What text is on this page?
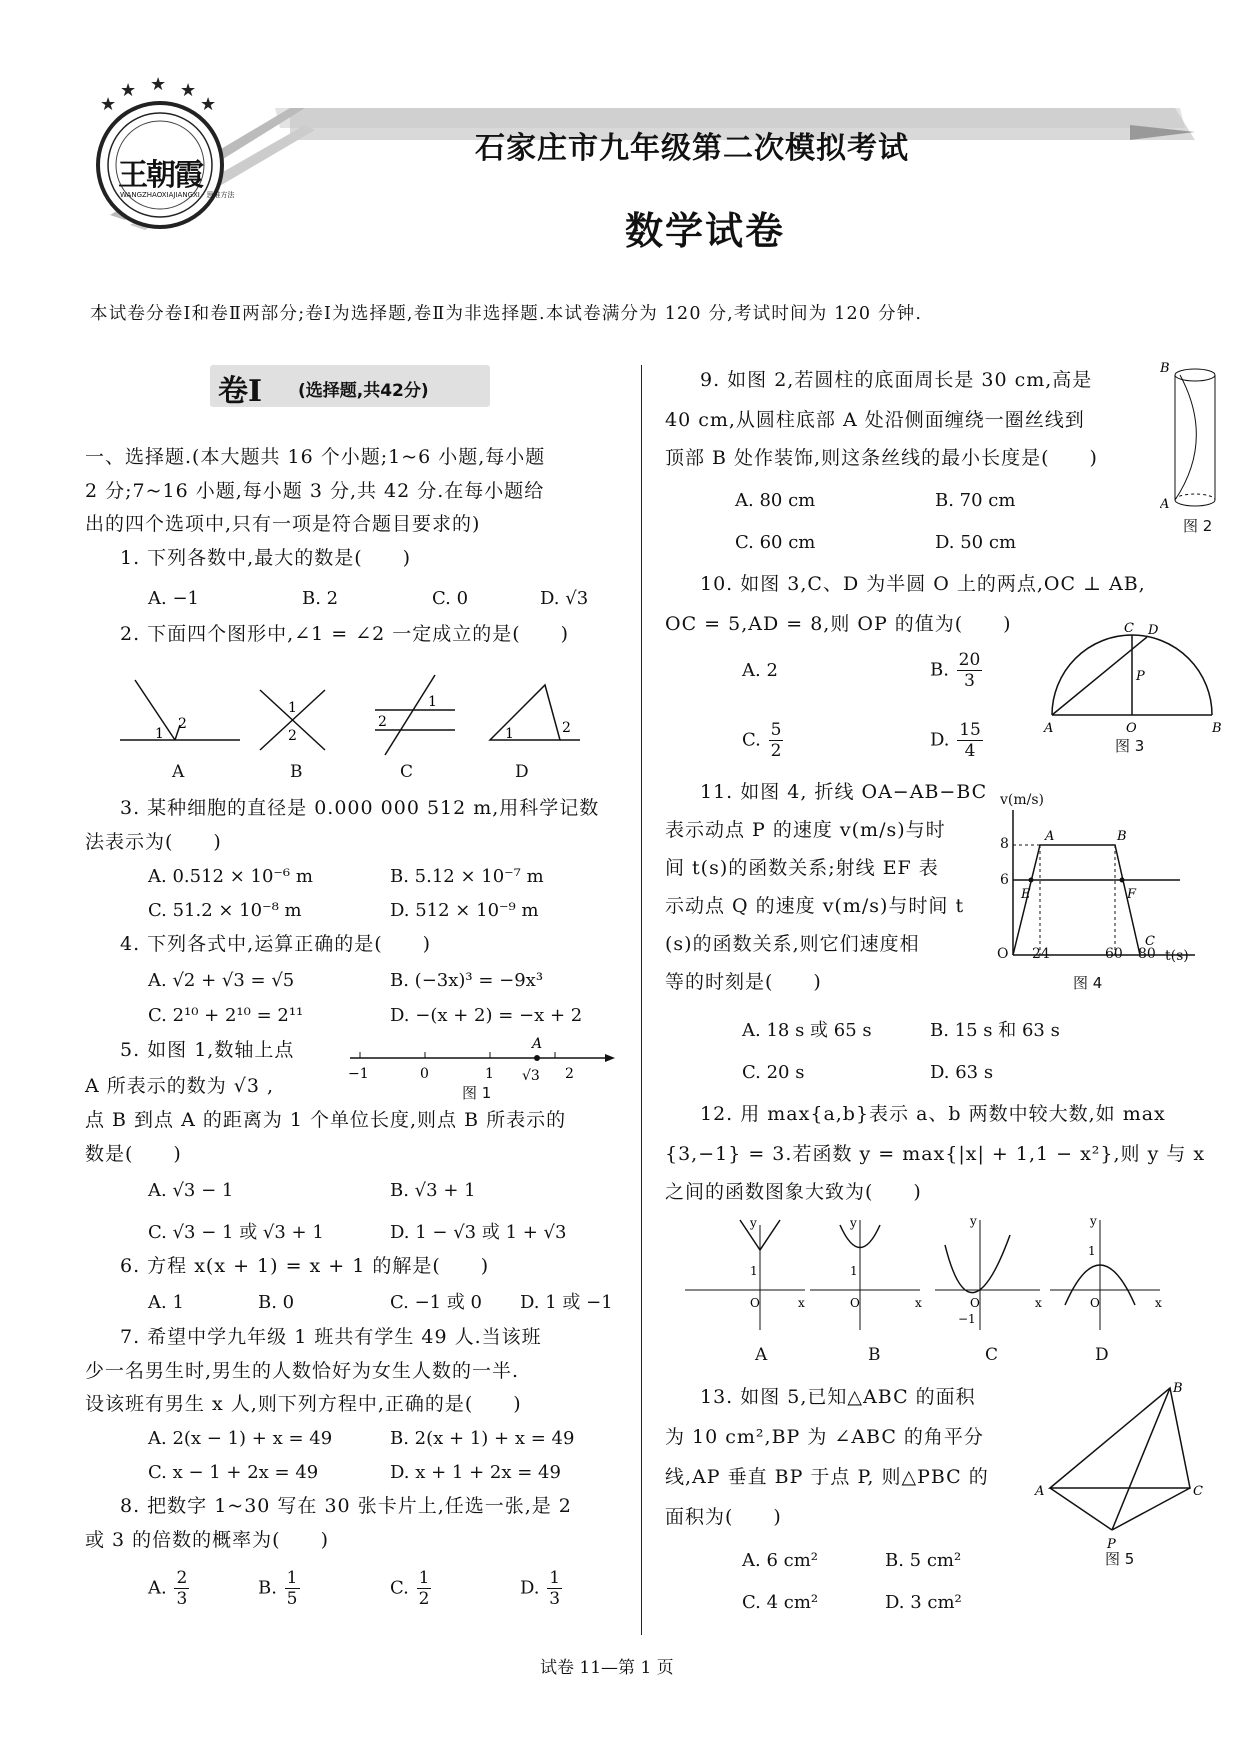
★
★ ★ ★
★
王朝霞
WANGZHAOXIAJIANGXI · 思维方法
石家庄市九年级第二次模拟考试
数学试卷
本试卷分卷Ⅰ和卷Ⅱ两部分;卷Ⅰ为选择题,卷Ⅱ为非选择题.本试卷满分为 120 分,考试时间为 120 分钟.
卷Ⅰ (选择题,共42分)
一、选择题.(本大题共 16 个小题;1~6 小题,每小题
2 分;7~16 小题,每小题 3 分,共 42 分.在每小题给
出的四个选项中,只有一项是符合题目要求的)
1. 下列各数中,最大的数是(　　)
A. −1	B. 2	C. 0	D. √3
2. 下面四个图形中,∠1 = ∠2 一定成立的是(　　)
1
2
1
2
1
2
1	2
A	B	C	D
3. 某种细胞的直径是 0.000 000 512 m,用科学记数
法表示为(　　)
A. 0.512 × 10⁻⁶ m	B. 5.12 × 10⁻⁷ m
C. 51.2 × 10⁻⁸ m	D. 512 × 10⁻⁹ m
4. 下列各式中,运算正确的是(　　)
A. √2 + √3 = √5	B. (−3x)³ = −9x³
C. 2¹⁰ + 2¹⁰ = 2¹¹	D. −(x + 2) = −x + 2
5. 如图 1,数轴上点	A
−1	0	1 √3 2
图 1
A 所表示的数为 √3 ,
点 B 到点 A 的距离为 1 个单位长度,则点 B 所表示的
数是(　　)
A. √3 − 1	B. √3 + 1
C. √3 − 1 或 √3 + 1	D. 1 − √3 或 1 + √3
6. 方程 x(x + 1) = x + 1 的解是(　　)
A. 1	B. 0	C. −1 或 0 D. 1 或 −1
7. 希望中学九年级 1 班共有学生 49 人.当该班
少一名男生时,男生的人数恰好为女生人数的一半.
设该班有男生 x 人,则下列方程中,正确的是(　　)
A. 2(x − 1) + x = 49	B. 2(x + 1) + x = 49
C. x − 1 + 2x = 49	D. x + 1 + 2x = 49
8. 把数字 1~30 写在 30 张卡片上,任选一张,是 2
或 3 的倍数的概率为(　　)
A. $\frac{2}{3}$	B. $\frac{1}{5}$	C. $\frac{1}{2}$	D. $\frac{1}{3}$
9. 如图 2,若圆柱的底面周长是 30 cm,高是
40 cm,从圆柱底部 A 处沿侧面缠绕一圈丝线到
顶部 B 处作装饰,则这条丝线的最小长度是(　　)
B
A
图 2
A. 80 cm	B. 70 cm
C. 60 cm	D. 50 cm
10. 如图 3,C、D 为半圆 O 上的两点,OC ⊥ AB,
OC = 5,AD = 8,则 OP 的值为(　　)	C D
P
A	O	B
图 3
A. 2	B. $\frac{20}{3}$
C. $\frac{5}{2}$	D. $\frac{15}{4}$
11. 如图 4, 折线 OA−AB−BC
表示动点 P 的速度 v(m/s)与时
间 t(s)的函数关系;射线 EF 表
示动点 Q 的速度 v(m/s)与时间 t
(s)的函数关系,则它们速度相
等的时刻是(　　)
A	B
C
E	F
v(m/s)
t(s)
8
6
O 24	60 80
图 4
A. 18 s 或 65 s	B. 15 s 和 63 s
C. 20 s	D. 63 s
12. 用 max{a,b}表示 a、b 两数中较大数,如 max
{3,−1} = 3.若函数 y = max{|x| + 1,1 − x²},则 y 与 x
之间的函数图象大致为(　　)
y
x
1
O
y
x
1
O
y
x
−1
O
y
x
1
O
A	B	C	D
13. 如图 5,已知△ABC 的面积
为 10 cm²,BP 为 ∠ABC 的角平分
线,AP 垂直 BP 于点 P, 则△PBC 的
面积为(　　)
B
A	C
P
图 5
A. 6 cm²	B. 5 cm²
C. 4 cm²	D. 3 cm²
试卷 11—第 1 页
